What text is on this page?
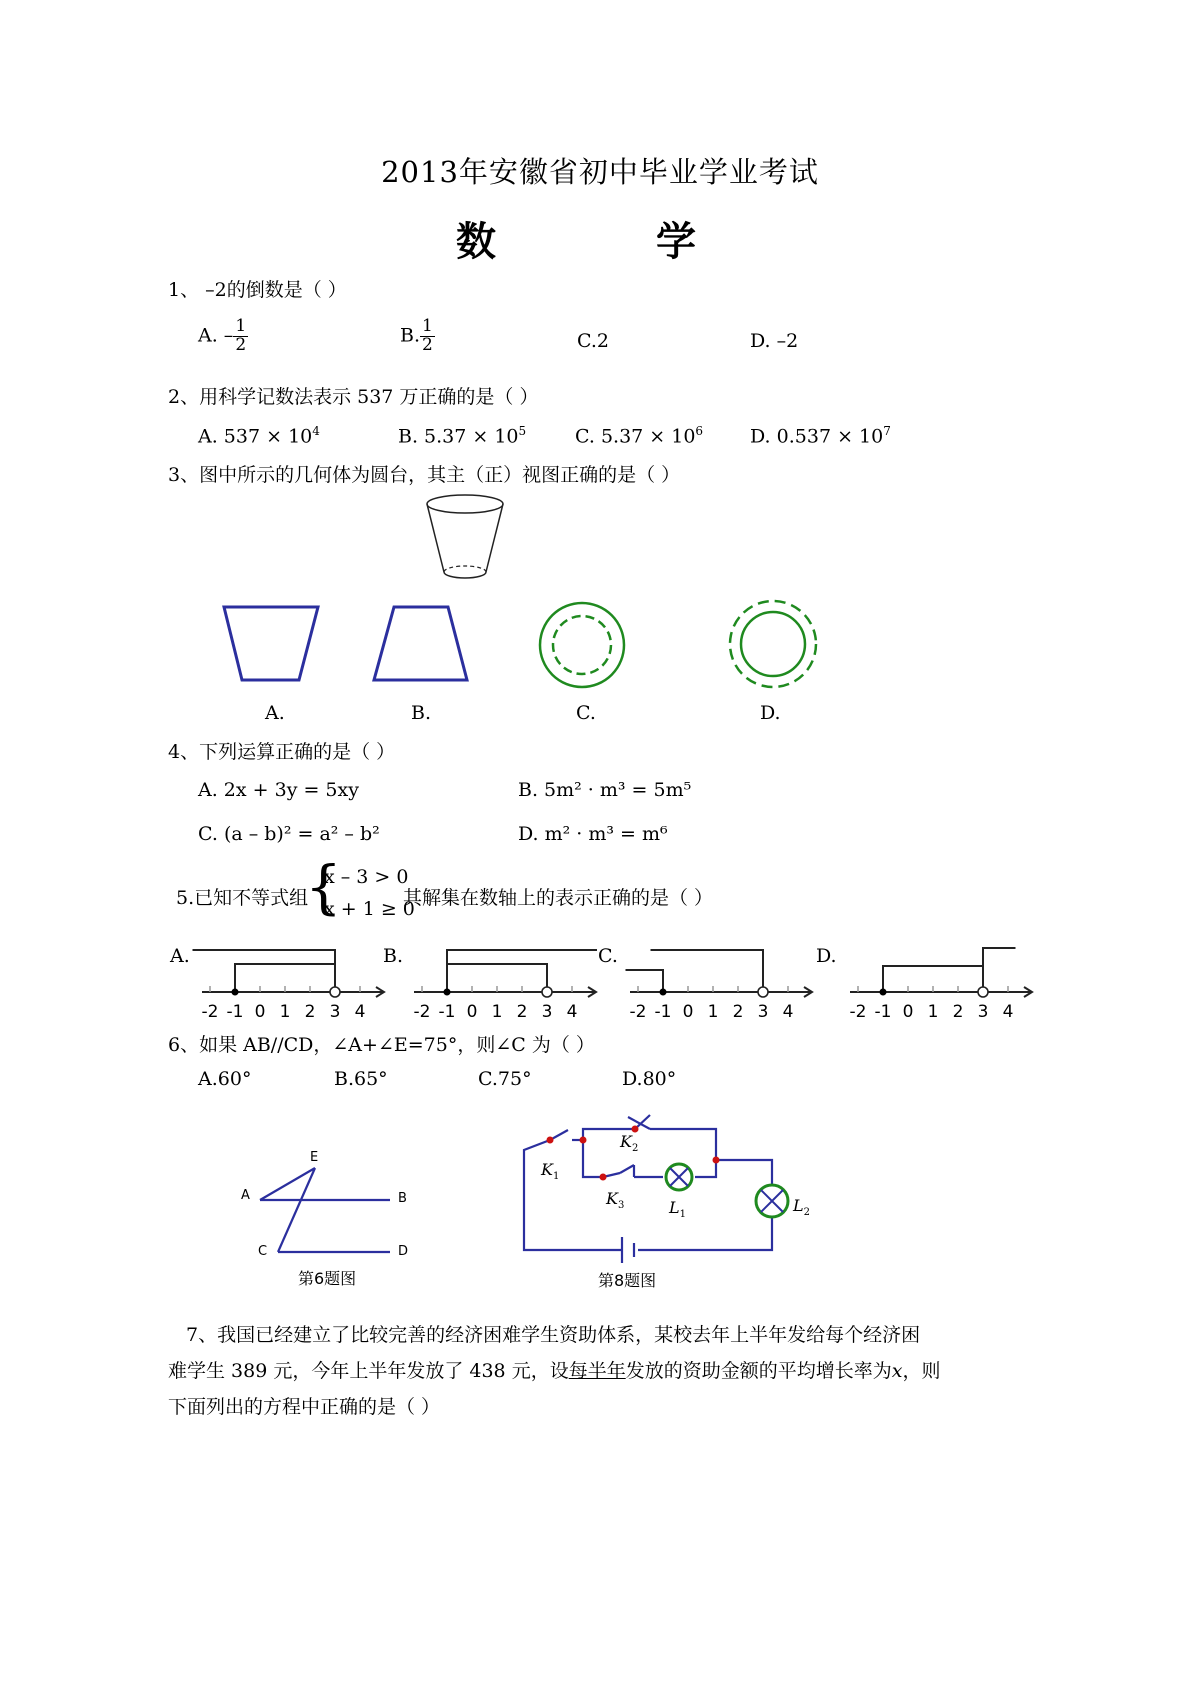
2013年安徽省初中毕业学业考试
数 学
1、 –2的倒数是（ ）
A. – $\frac{1}{2}$	B. $\frac{1}{2}$	C.2	D. –2
2、用科学记数法表示 537 万正确的是（ ）
A. $537 \times 10^4$	B. $5.37 \times 10^5$	C. $5.37 \times 10^6$ D. $0.537 \times 10^7$
3、图中所示的几何体为圆台，其主（正）视图正确的是（ ）
A.	B.	C.	D.
4、下列运算正确的是（ ）
A. 2x + 3y = 5xy	B. 5m² · m³ = 5m⁵
C. (a – b)² = a² – b²	D. m² · m³ = m⁶
5.已知不等式组
{
x – 3 > 0
x + 1 ≥ 0
其解集在数轴上的表示正确的是（ ）
A.	B.	C.	D.
-2 -1 0 1 2 3 4	-2 -1 0 1 2 3 4	-2 -1 0 1 2 3 4	-2 -1 0 1 2 3 4
6、如果 AB//CD，∠A+∠E=75°，则∠C 为（ ）
A.60°	B.65°	C.75°	D.80°
A	B
C	D
E
第6题图
$K_1$
$K_2$
$K_3$	$L_1$	$L_2$
第8题图
7、我国已经建立了比较完善的经济困难学生资助体系，某校去年上半年发给每个经济困
难学生 389 元，今年上半年发放了 438 元，设每半年发放的资助金额的平均增长率为x，则
下面列出的方程中正确的是（ ）
